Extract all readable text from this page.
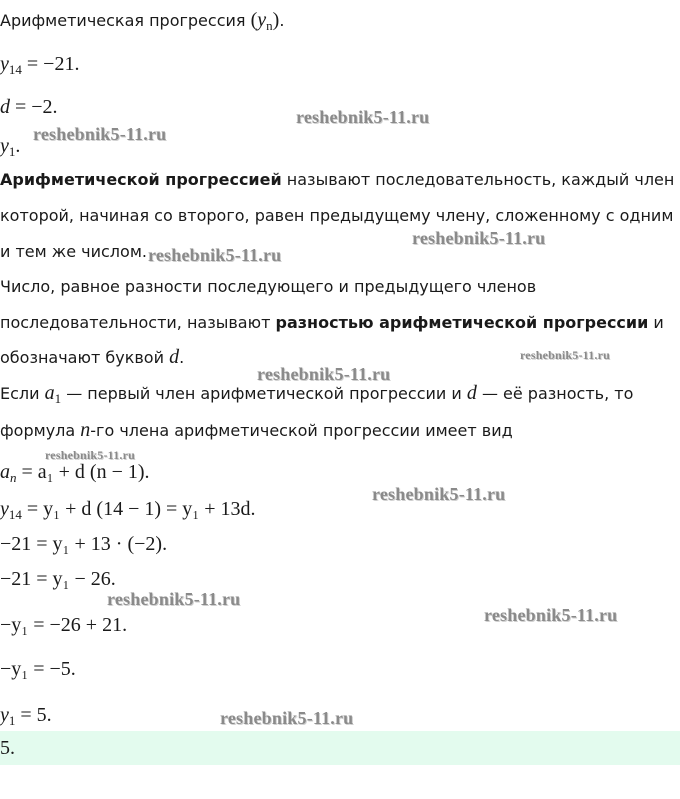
Арифметическая прогрессия $(y_n)$.
$y_{14} = -21$.
d = −2.
$y_1$.
Арифметической прогрессией называют последовательность, каждый член
которой, начиная со второго, равен предыдущему члену, сложенному с одним
и тем же числом.
Число, равное разности последующего и предыдущего членов
последовательности, называют разностью арифметической прогрессии и
обозначают буквой d.
Если $a_1$ — первый член арифметической прогрессии и d — её разность, то
формула n-го члена арифметической прогрессии имеет вид
$a_n = a_1 + d$ (n − 1).
$y_{14} = y_1 + d$ (14 − 1) = y₁ + 13d.
−21 = y₁ + 13 · (−2).
−21 = y₁ − 26.
−y₁ = −26 + 21.
−y₁ = −5.
$y_1 = 5$.
5.
reshebnik5-11.ru
reshebnik5-11.ru
reshebnik5-11.ru
reshebnik5-11.ru
reshebnik5-11.ru
reshebnik5-11.ru
reshebnik5-11.ru
reshebnik5-11.ru
reshebnik5-11.ru
reshebnik5-11.ru
reshebnik5-11.ru
